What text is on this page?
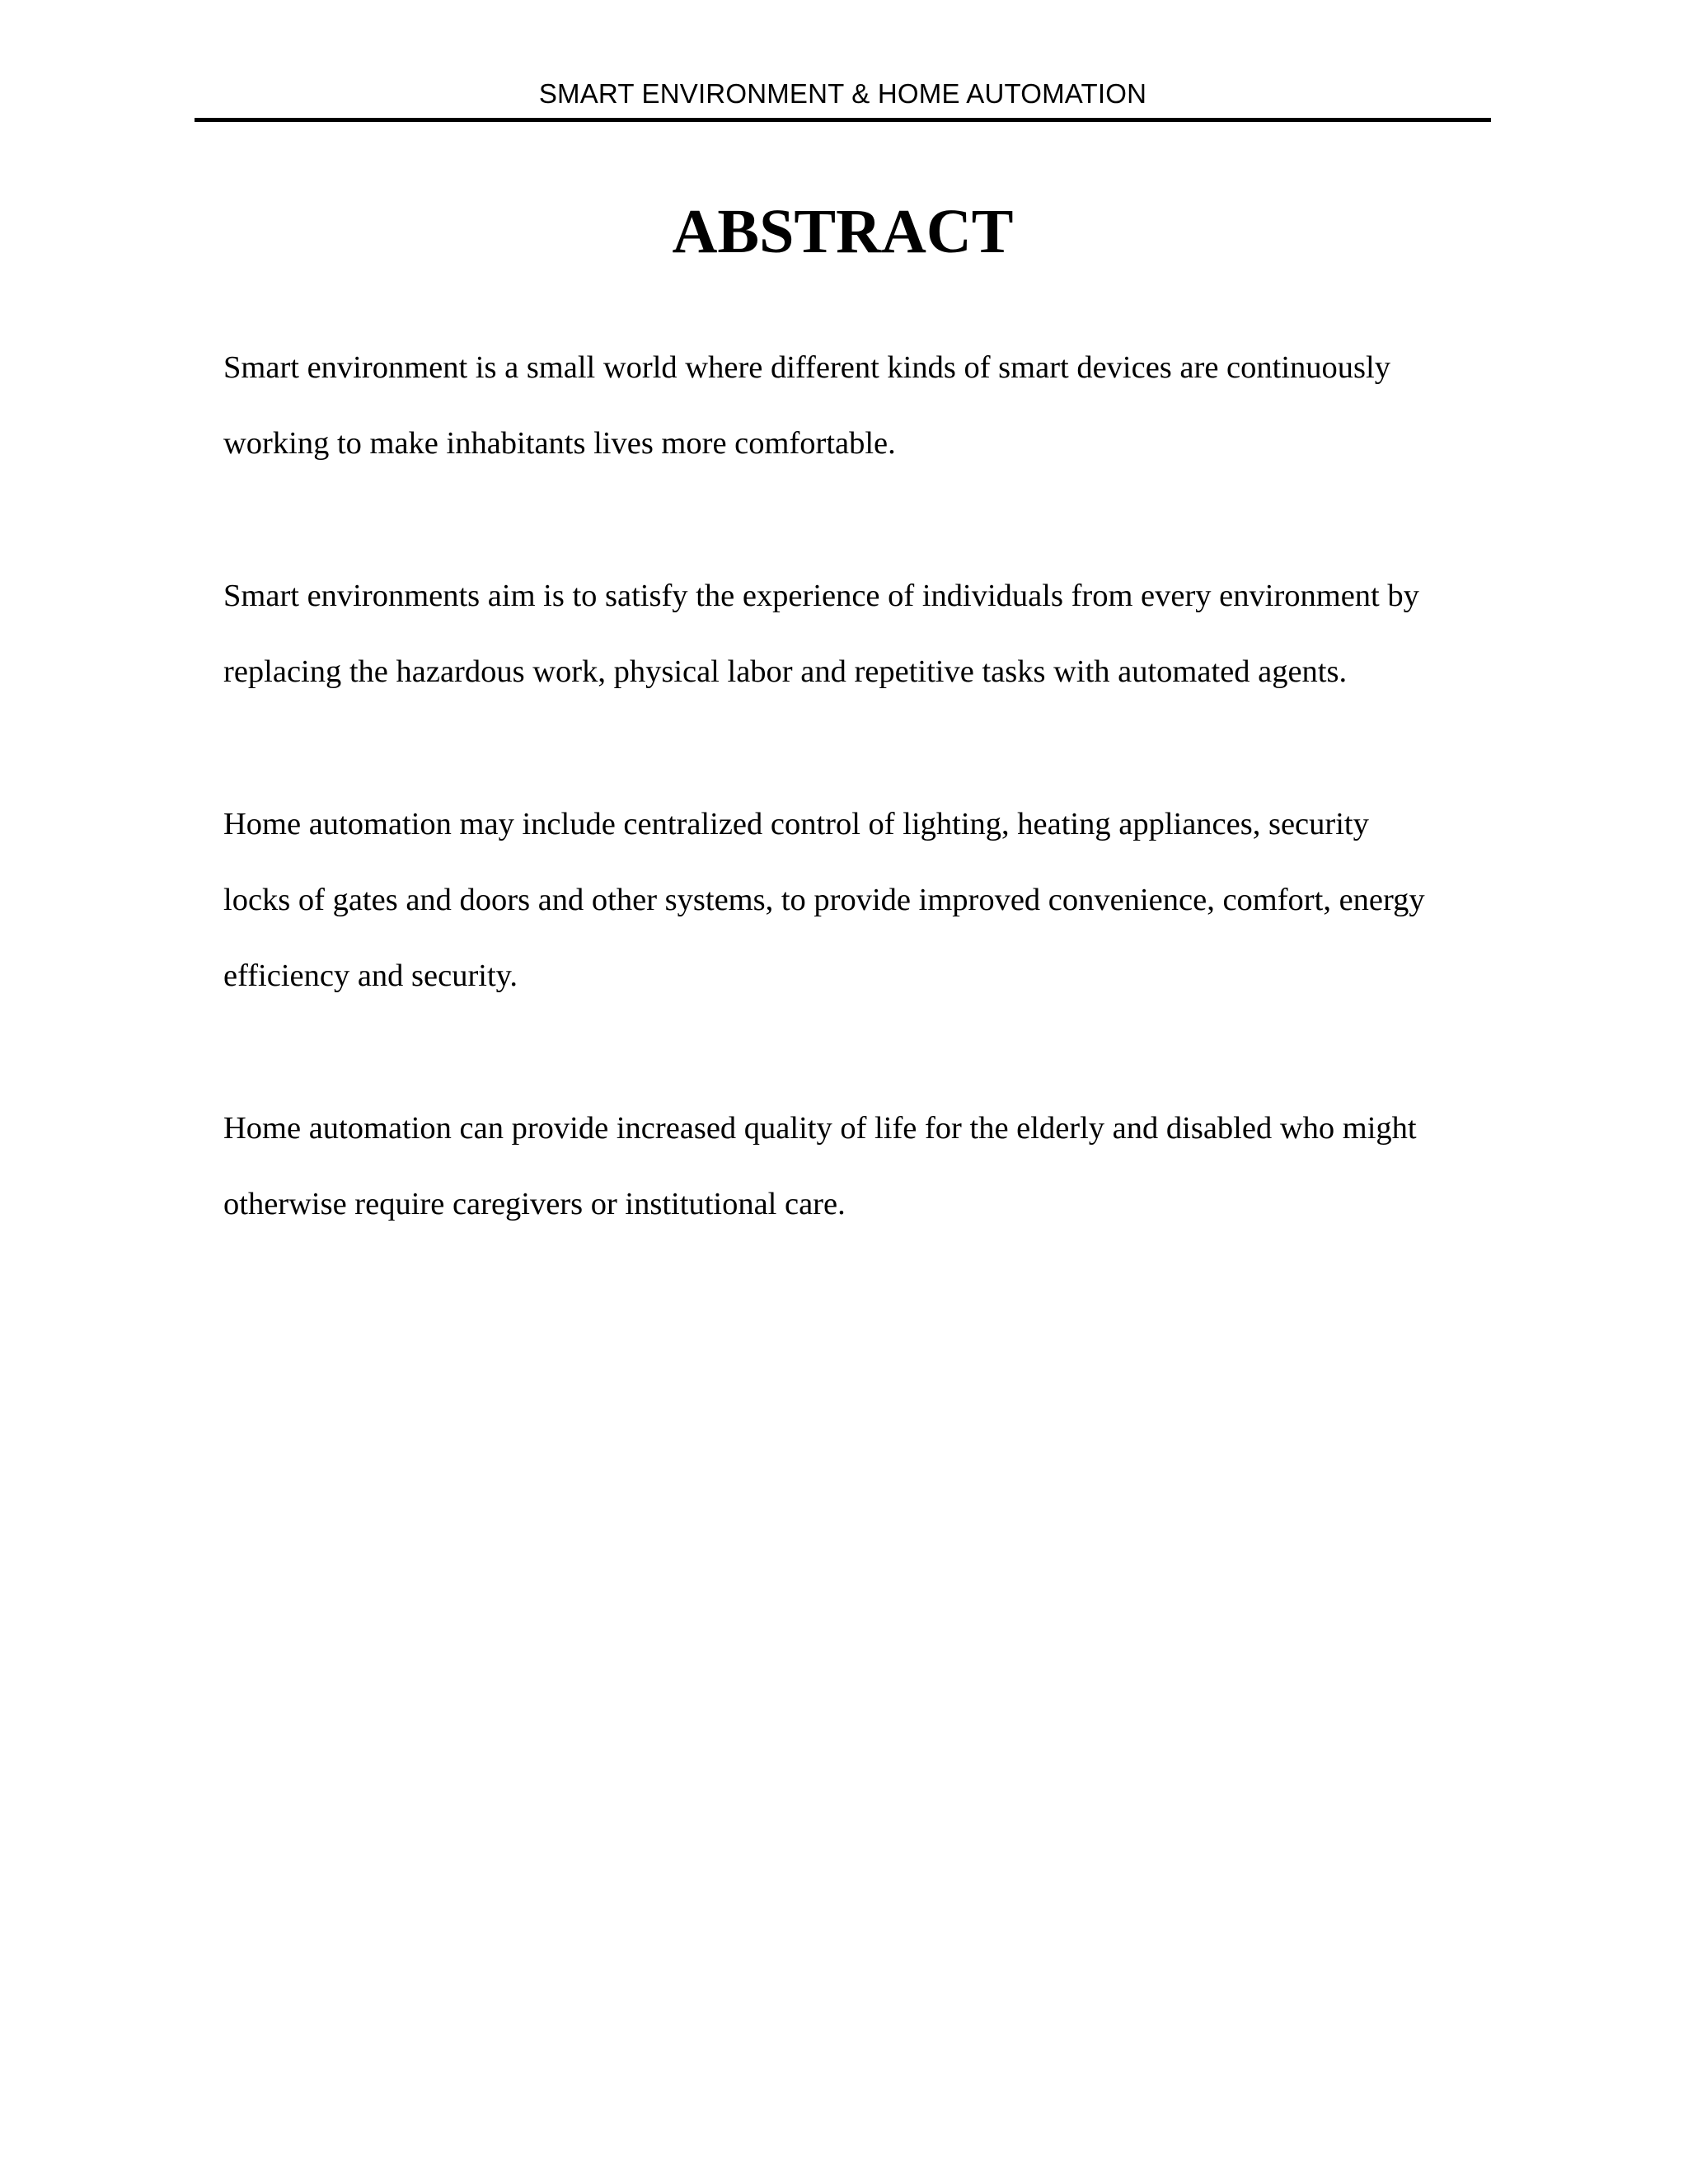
SMART ENVIRONMENT & HOME AUTOMATION
ABSTRACT

Smart environment is a small world where different kinds of smart devices are continuously
working to make inhabitants lives more comfortable.

Smart environments aim is to satisfy the experience of individuals from every environment by
replacing the hazardous work, physical labor and repetitive tasks with automated agents.

Home automation may include centralized control of lighting, heating appliances, security
locks of gates and doors and other systems, to provide improved convenience, comfort, energy
efficiency and security.

Home automation can provide increased quality of life for the elderly and disabled who might
otherwise require caregivers or institutional care.
